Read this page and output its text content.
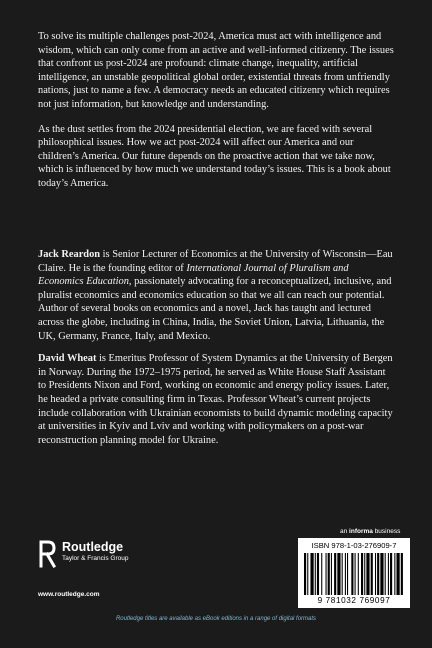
To solve its multiple challenges post-2024, America must act with intelligence and wisdom, which can only come from an active and well-informed citizenry. The issues that confront us post-2024 are profound: climate change, inequality, artificial intelligence, an unstable geopolitical global order, existential threats from unfriendly nations, just to name a few. A democracy needs an educated citizenry which requires not just information, but knowledge and understanding.

As the dust settles from the 2024 presidential election, we are faced with several philosophical issues. How we act post-2024 will affect our America and our children’s America. Our future depends on the proactive action that we take now, which is influenced by how much we understand today’s issues. This is a book about today’s America.

Jack Reardon is Senior Lecturer of Economics at the University of Wisconsin—Eau Claire. He is the founding editor of International Journal of Pluralism and Economics Education, passionately advocating for a reconceptualized, inclusive, and pluralist economics and economics education so that we all can reach our potential. Author of several books on economics and a novel, Jack has taught and lectured across the globe, including in China, India, the Soviet Union, Latvia, Lithuania, the UK, Germany, France, Italy, and Mexico.

David Wheat is Emeritus Professor of System Dynamics at the University of Bergen in Norway. During the 1972–1975 period, he served as White House Staff Assistant to Presidents Nixon and Ford, working on economic and energy policy issues. Later, he headed a private consulting firm in Texas. Professor Wheat’s current projects include collaboration with Ukrainian economists to build dynamic modeling capacity at universities in Kyiv and Lviv and working with policymakers on a post-war reconstruction planning model for Ukraine.

an informa business
Routledge
Taylor & Francis Group
www.routledge.com
ISBN 978-1-03-276909-7
9 781032 769097
Routledge titles are available as eBook editions in a range of digital formats
